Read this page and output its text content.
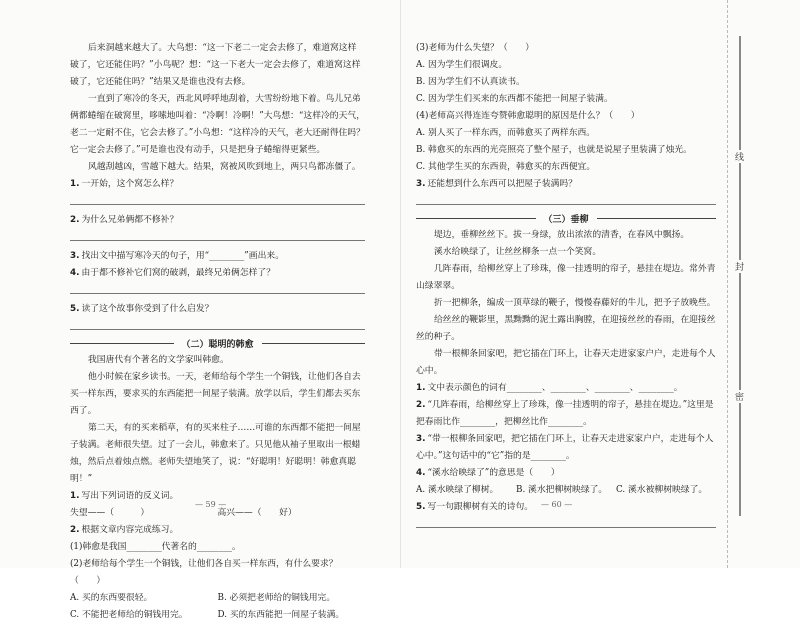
后来洞越来越大了。大鸟想：“这一下老二一定会去修了，难道窝这样破了，它还能住吗？”小鸟呢？想：“这一下老大一定会去修了，难道窝这样破了，它还能住吗？”结果又是谁也没有去修。

一直到了寒冷的冬天，西北风呼呼地刮着，大雪纷纷地下着。鸟儿兄弟俩都蜷缩在破窝里，哆嗦地叫着：“冷啊！冷啊！”大鸟想：“这样冷的天气，老二一定耐不住，它会去修了。”小鸟想：“这样冷的天气，老大还耐得住吗？它一定会去修了。”可是谁也没有动手，只是把身子蜷缩得更紧些。

风越刮越凶，雪越下越大。结果，窝被风吹到地上，两只鸟都冻僵了。

1. 一开始，这个窝怎么样？

2. 为什么兄弟俩都不修补？

3. 找出文中描写寒冷天的句子，用“________”画出来。

4. 由于都不修补它们窝的破剥，最终兄弟俩怎样了？

5. 读了这个故事你受到了什么启发？

（二）聪明的韩愈

我国唐代有个著名的文学家叫韩愈。

他小时候在家乡读书。一天，老师给每个学生一个铜钱，让他们各自去买一样东西，要求买的东西能把一间屋子装满。放学以后，学生们都去买东西了。

第二天，有的买来稻草，有的买来柱子……可谁的东西都不能把一间屋子装满。老师很失望。过了一会儿，韩愈来了。只见他从袖子里取出一根蜡烛，然后点着烛点燃。老师失望地笑了，说：“好聪明！好聪明！韩愈真聪明！”

1. 写出下列词语的反义词。

失望——（　　　）	高兴——（　　好）

2. 根据文章内容完成练习。

(1)韩愈是我国________代著名的________。

(2)老师给每个学生一个铜钱，让他们各自买一样东西，有什么要求？（　　）

A. 买的东西要很轻。	B. 必须把老师给的铜钱用完。

C. 不能把老师给的铜钱用完。	D. 买的东西能把一间屋子装满。

— 59 —

(3)老师为什么失望？（　　）

A. 因为学生们很调皮。

B. 因为学生们不认真读书。

C. 因为学生们买来的东西都不能把一间屋子装满。

(4)老师高兴得连连夸赞韩愈聪明的原因是什么？（　　）

A. 别人买了一样东西，而韩愈买了两样东西。

B. 韩愈买的东西的光亮照亮了整个屋子，也就是说屋子里装满了烛光。

C. 其他学生买的东西贵，韩愈买的东西便宜。

3. 还能想到什么东西可以把屋子装满吗？

（三）垂柳

堤边，垂柳丝丝下。拔一身绿，放出浓浓的清香，在春风中飘扬。

溪水给映绿了，让丝丝柳条一点一个笑窝。

几阵春雨，给柳丝穿上了珍珠，像一挂透明的帘子，悬挂在堤边。常外青山绿翠翠。

折一把柳条，编成一顶草绿的鞭子，慢慢春藤好的牛儿，把予子放晚些。

给丝丝的鞭影里，黑黝黝的泥土露出胸膛，在迎接丝丝的春雨，在迎接丝丝的种子。

带一根柳条回家吧，把它插在门环上，让春天走进家家户户，走进每个人心中。

1. 文中表示颜色的词有________、________、________、________。

2. “几阵春雨，给柳丝穿上了珍珠，像一挂透明的帘子，悬挂在堤边。”这里是把春雨比作________，把柳丝比作________。

3. “带一根柳条回家吧，把它插在门环上，让春天走进家家户户，走进每个人心中。”这句话中的“它”指的是________。

4. “溪水给映绿了”的意思是（　　）

A. 溪水映绿了柳树。	B. 溪水把柳树映绿了。 C. 溪水被柳树映绿了。

5. 写一句跟柳树有关的诗句。 — 60 —
线
封
密
